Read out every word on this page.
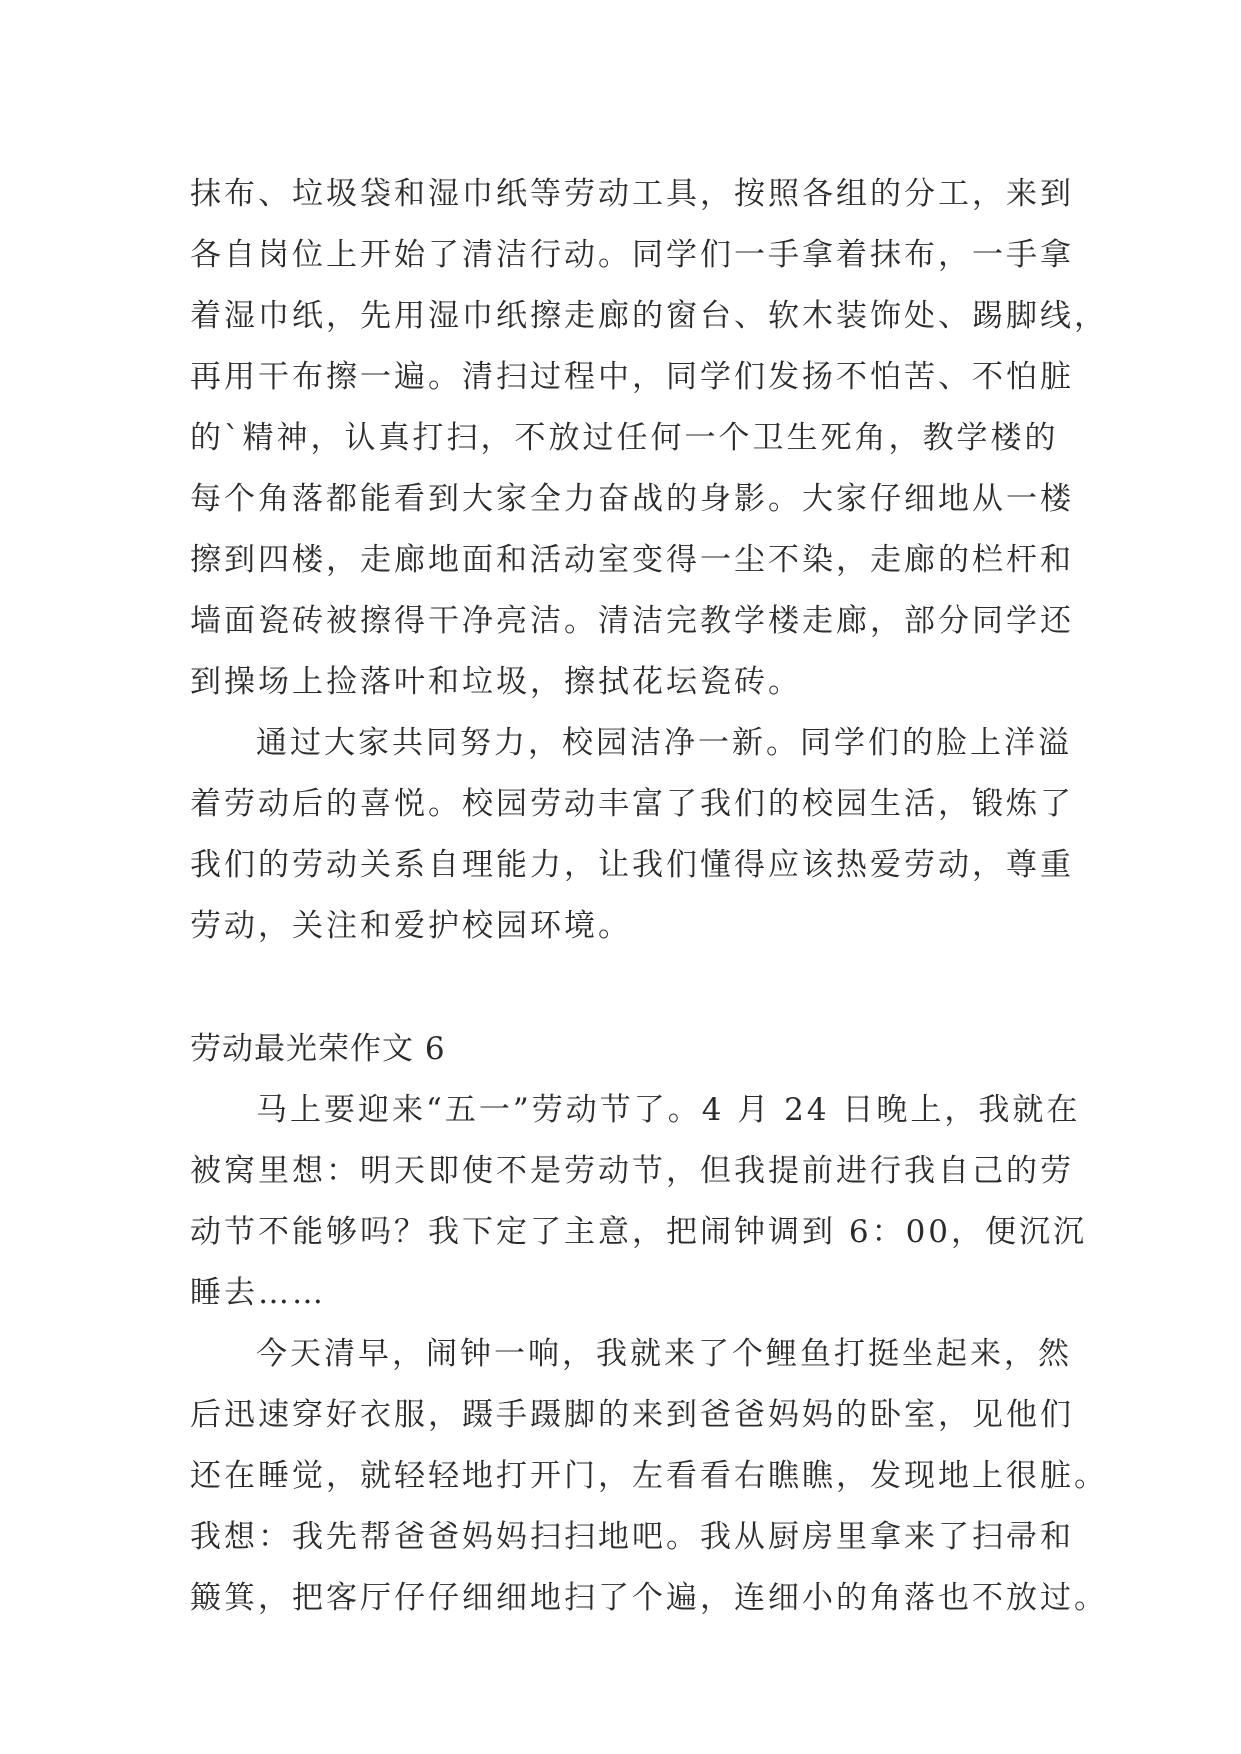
抹布、垃圾袋和湿巾纸等劳动工具，按照各组的分工，来到
各自岗位上开始了清洁行动。同学们一手拿着抹布，一手拿
着湿巾纸，先用湿巾纸擦走廊的窗台、软木装饰处、踢脚线，
再用干布擦一遍。清扫过程中，同学们发扬不怕苦、不怕脏
的`精神，认真打扫，不放过任何一个卫生死角，教学楼的
每个角落都能看到大家全力奋战的身影。大家仔细地从一楼
擦到四楼，走廊地面和活动室变得一尘不染，走廊的栏杆和
墙面瓷砖被擦得干净亮洁。清洁完教学楼走廊，部分同学还
到操场上捡落叶和垃圾，擦拭花坛瓷砖。
通过大家共同努力，校园洁净一新。同学们的脸上洋溢
着劳动后的喜悦。校园劳动丰富了我们的校园生活，锻炼了
我们的劳动关系自理能力，让我们懂得应该热爱劳动，尊重
劳动，关注和爱护校园环境。
劳动最光荣作文 6
马上要迎来“五一”劳动节了。4 月 24 日晚上，我就在
被窝里想：明天即使不是劳动节，但我提前进行我自己的劳
动节不能够吗？我下定了主意，把闹钟调到 6：00，便沉沉
睡去……
今天清早，闹钟一响，我就来了个鲤鱼打挺坐起来，然
后迅速穿好衣服，蹑手蹑脚的来到爸爸妈妈的卧室，见他们
还在睡觉，就轻轻地打开门，左看看右瞧瞧，发现地上很脏。
我想：我先帮爸爸妈妈扫扫地吧。我从厨房里拿来了扫帚和
簸箕，把客厅仔仔细细地扫了个遍，连细小的角落也不放过。
